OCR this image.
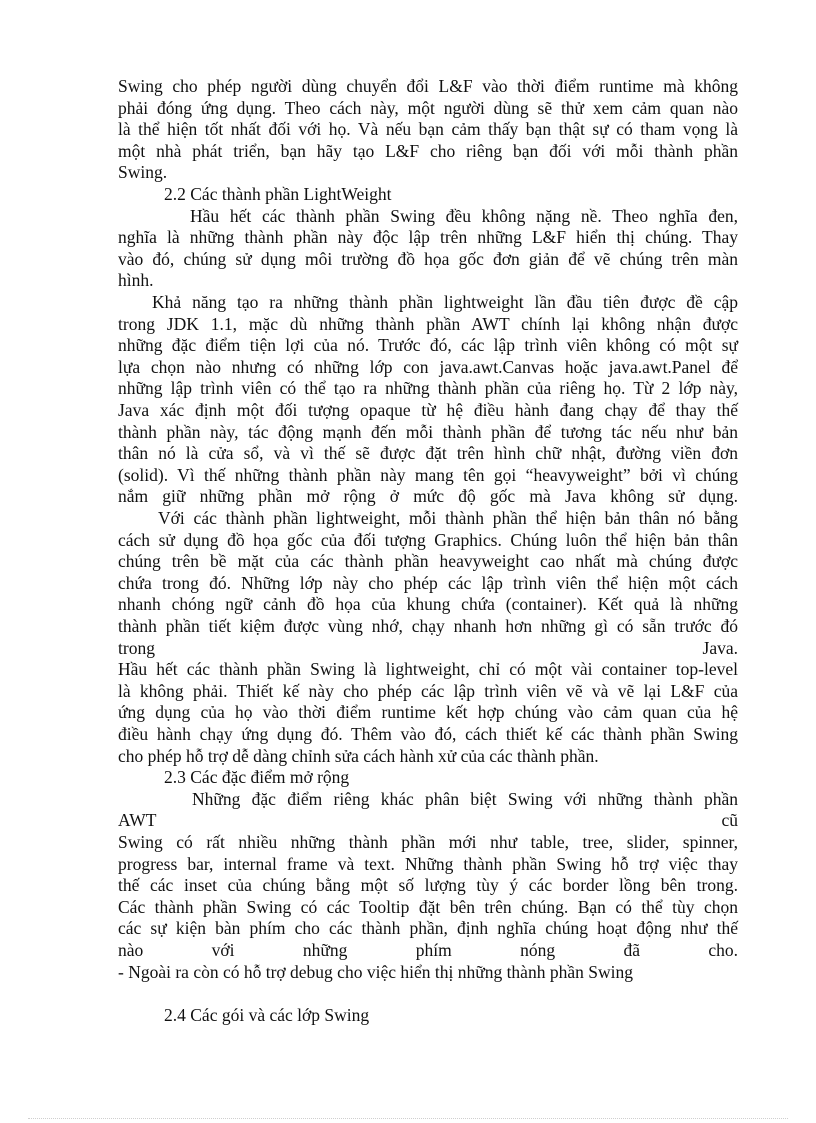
Swing cho phép người dùng chuyển đổi L&F vào thời điểm runtime mà không
phải đóng ứng dụng. Theo cách này, một người dùng sẽ thử xem cảm quan nào
là thể hiện tốt nhất đối với họ. Và nếu bạn cảm thấy bạn thật sự có tham vọng là
một nhà phát triển, bạn hãy tạo L&F cho riêng bạn đối với mỗi thành phần
Swing.
2.2 Các thành phần LightWeight
Hầu hết các thành phần Swing đều không nặng nề. Theo nghĩa đen,
nghĩa là những thành phần này độc lập trên những L&F hiển thị chúng. Thay
vào đó, chúng sử dụng môi trường đồ họa gốc đơn giản để vẽ chúng trên màn
hình.
Khả năng tạo ra những thành phần lightweight lần đầu tiên được đề cập
trong JDK 1.1, mặc dù những thành phần AWT chính lại không nhận được
những đặc điểm tiện lợi của nó. Trước đó, các lập trình viên không có một sự
lựa chọn nào nhưng có những lớp con java.awt.Canvas hoặc java.awt.Panel để
những lập trình viên có thể tạo ra những thành phần của riêng họ. Từ 2 lớp này,
Java xác định một đối tượng opaque từ hệ điều hành đang chạy để thay thế
thành phần này, tác động mạnh đến mỗi thành phần để tương tác nếu như bản
thân nó là cửa sổ, và vì thế sẽ được đặt trên hình chữ nhật, đường viền đơn
(solid). Vì thế những thành phần này mang tên gọi “heavyweight” bởi vì chúng
nắm giữ những phần mở rộng ở mức độ gốc mà Java không sử dụng.
Với các thành phần lightweight, mỗi thành phần thể hiện bản thân nó bằng
cách sử dụng đồ họa gốc của đối tượng Graphics. Chúng luôn thể hiện bản thân
chúng trên bề mặt của các thành phần heavyweight cao nhất mà chúng được
chứa trong đó. Những lớp này cho phép các lập trình viên thể hiện một cách
nhanh chóng ngữ cảnh đồ họa của khung chứa (container). Kết quả là những
thành phần tiết kiệm được vùng nhớ, chạy nhanh hơn những gì có sẵn trước đó
trong Java.
Hầu hết các thành phần Swing là lightweight, chỉ có một vài container top-level
là không phải. Thiết kế này cho phép các lập trình viên vẽ và vẽ lại L&F của
ứng dụng của họ vào thời điểm runtime kết hợp chúng vào cảm quan của hệ
điều hành chạy ứng dụng đó. Thêm vào đó, cách thiết kế các thành phần Swing
cho phép hỗ trợ dễ dàng chỉnh sửa cách hành xử của các thành phần.
2.3 Các đặc điểm mở rộng
Những đặc điểm riêng khác phân biệt Swing với những thành phần
AWT cũ
Swing có rất nhiều những thành phần mới như table, tree, slider, spinner,
progress bar, internal frame và text. Những thành phần Swing hỗ trợ việc thay
thế các inset của chúng bằng một số lượng tùy ý các border lồng bên trong.
Các thành phần Swing có các Tooltip đặt bên trên chúng. Bạn có thể tùy chọn
các sự kiện bàn phím cho các thành phần, định nghĩa chúng hoạt động như thế
nào với những phím nóng đã cho.
- Ngoài ra còn có hỗ trợ debug cho việc hiển thị những thành phần Swing
2.4 Các gói và các lớp Swing
